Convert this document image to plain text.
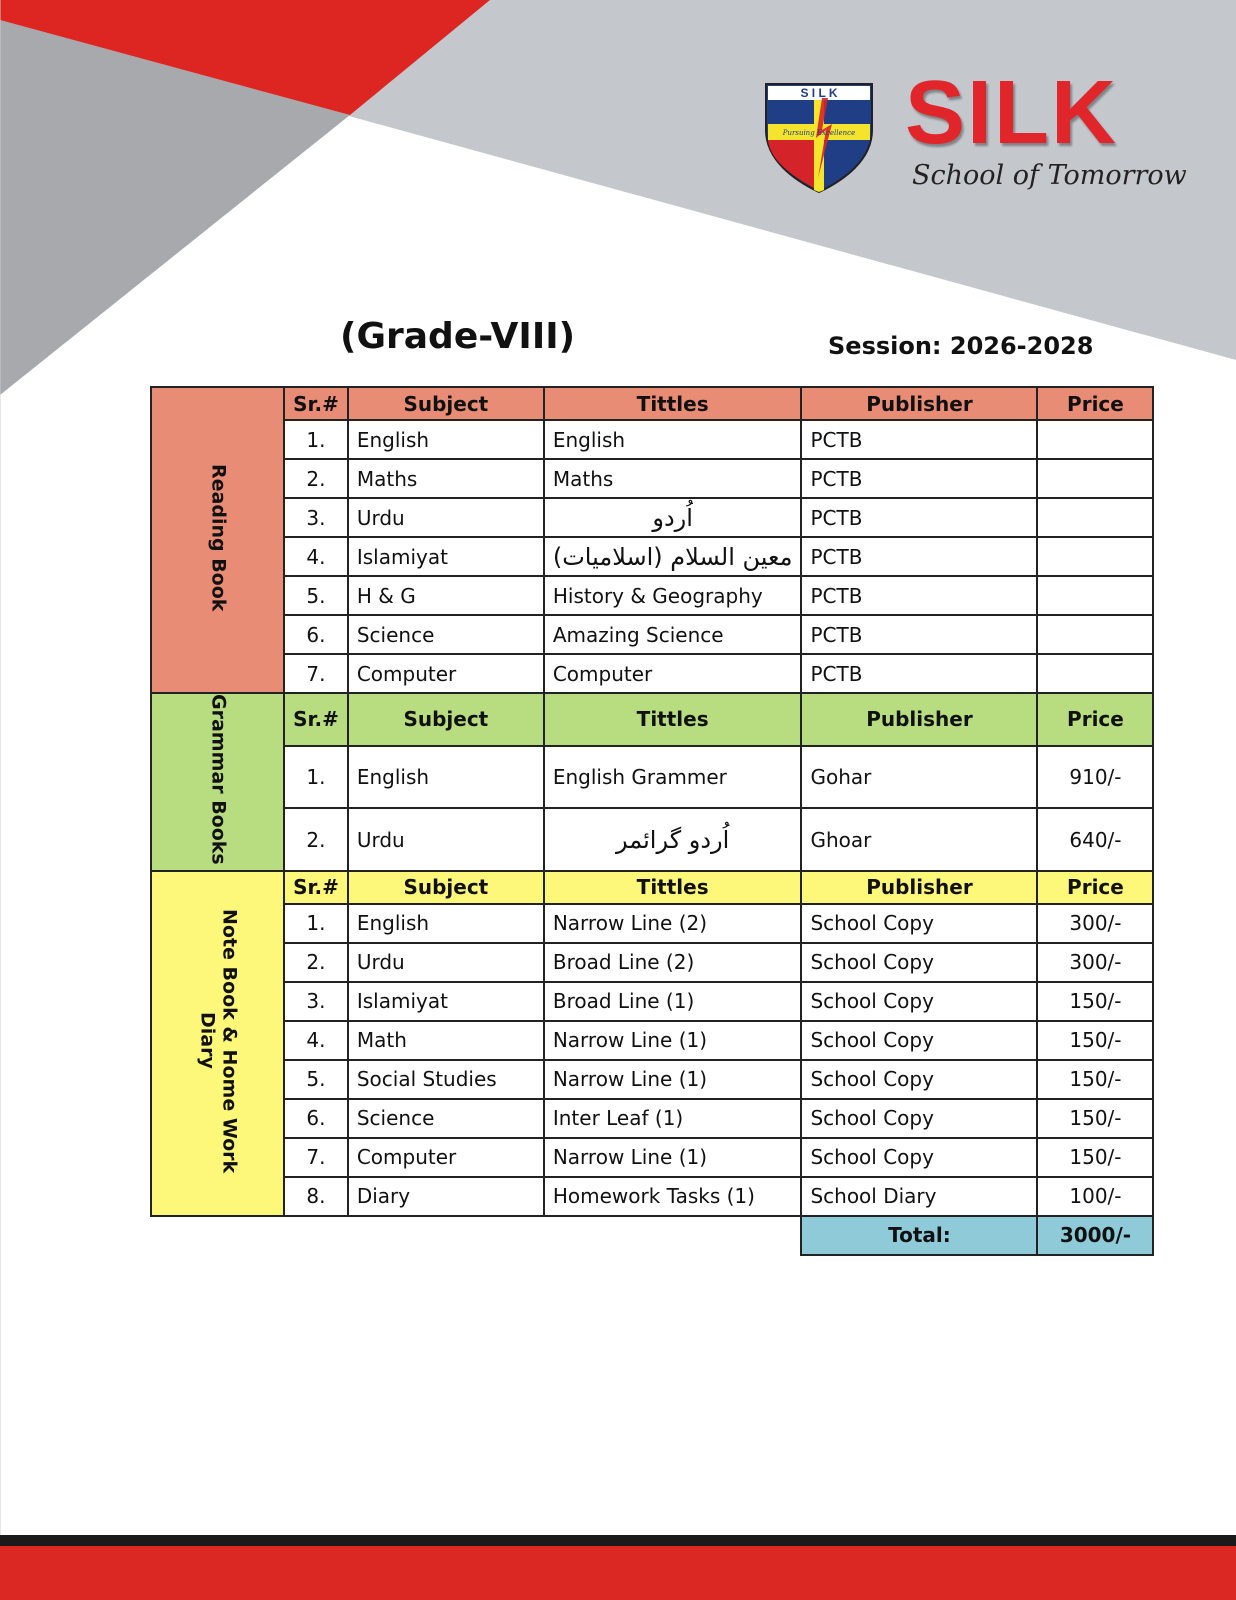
S I L K
Pursuing Excellence SILK
School of Tomorrow
(Grade-VIII)	Session: 2026-2028
Reading Book	Sr.#	Subject	Tittles	Publisher	Price
	1.	English	English	PCTB	
	2.	Maths	Maths	PCTB	
	3.	Urdu	اُردو	PCTB	
	4.	Islamiyat	معین السلام (اسلامیات)	PCTB	
	5.	H & G	History & Geography	PCTB	
	6.	Science	Amazing Science	PCTB	
	7.	Computer	Computer	PCTB	
Grammar Books	Sr.#	Subject	Tittles	Publisher	Price
	1.	English	English Grammer	Gohar	910/-
	2.	Urdu	اُردو گرائمر	Ghoar	640/-
Note Book & Home Work Diary	Sr.#	Subject	Tittles	Publisher	Price
	1.	English	Narrow Line (2)	School Copy	300/-
	2.	Urdu	Broad Line (2)	School Copy	300/-
	3.	Islamiyat	Broad Line (1)	School Copy	150/-
	4.	Math	Narrow Line (1)	School Copy	150/-
	5.	Social Studies	Narrow Line (1)	School Copy	150/-
	6.	Science	Inter Leaf (1)	School Copy	150/-
	7.	Computer	Narrow Line (1)	School Copy	150/-
	8.	Diary	Homework Tasks (1)	School Diary	100/-
				Total:	3000/-
